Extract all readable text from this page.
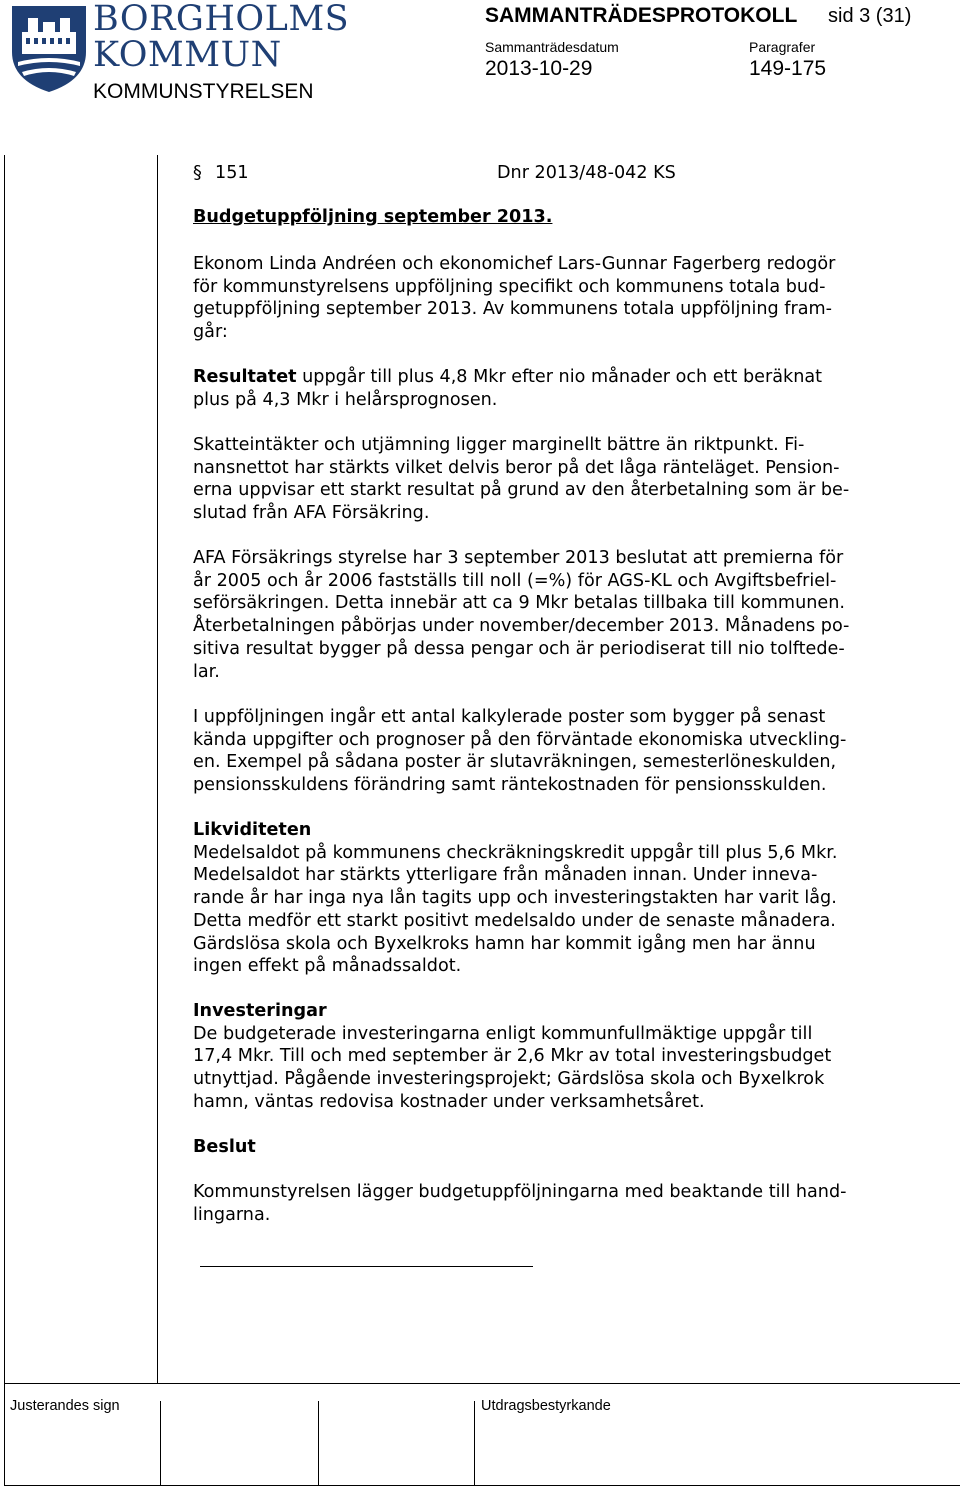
BORGHOLMS
KOMMUN
KOMMUNSTYRELSEN
SAMMANTRÄDESPROTOKOLL sid 3 (31)
Sammanträdesdatum
2013-10-29
Paragrafer
149-175
§ 151	Dnr 2013/48-042 KS
Budgetuppföljning september 2013.
Ekonom Linda Andréen och ekonomichef Lars-Gunnar Fagerberg redogör
för kommunstyrelsens uppföljning specifikt och kommunens totala bud-
getuppföljning september 2013. Av kommunens totala uppföljning fram-
går:
Resultatet uppgår till plus 4,8 Mkr efter nio månader och ett beräknat
plus på 4,3 Mkr i helårsprognosen.
Skatteintäkter och utjämning ligger marginellt bättre än riktpunkt. Fi-
nansnettot har stärkts vilket delvis beror på det låga ränteläget. Pension-
erna uppvisar ett starkt resultat på grund av den återbetalning som är be-
slutad från AFA Försäkring.
AFA Försäkrings styrelse har 3 september 2013 beslutat att premierna för
år 2005 och år 2006 fastställs till noll (=%) för AGS-KL och Avgiftsbefriel-
seförsäkringen. Detta innebär att ca 9 Mkr betalas tillbaka till kommunen.
Återbetalningen påbörjas under november/december 2013. Månadens po-
sitiva resultat bygger på dessa pengar och är periodiserat till nio tolftede-
lar.
I uppföljningen ingår ett antal kalkylerade poster som bygger på senast
kända uppgifter och prognoser på den förväntade ekonomiska utveckling-
en. Exempel på sådana poster är slutavräkningen, semesterlöneskulden,
pensionsskuldens förändring samt räntekostnaden för pensionsskulden.
Likviditeten
Medelsaldot på kommunens checkräkningskredit uppgår till plus 5,6 Mkr.
Medelsaldot har stärkts ytterligare från månaden innan. Under inneva-
rande år har inga nya lån tagits upp och investeringstakten har varit låg.
Detta medför ett starkt positivt medelsaldo under de senaste månadera.
Gärdslösa skola och Byxelkroks hamn har kommit igång men har ännu
ingen effekt på månadssaldot.
Investeringar
De budgeterade investeringarna enligt kommunfullmäktige uppgår till
17,4 Mkr. Till och med september är 2,6 Mkr av total investeringsbudget
utnyttjad. Pågående investeringsprojekt; Gärdslösa skola och Byxelkrok
hamn, väntas redovisa kostnader under verksamhetsåret.
Beslut
Kommunstyrelsen lägger budgetuppföljningarna med beaktande till hand-
lingarna.
Justerandes sign	Utdragsbestyrkande
